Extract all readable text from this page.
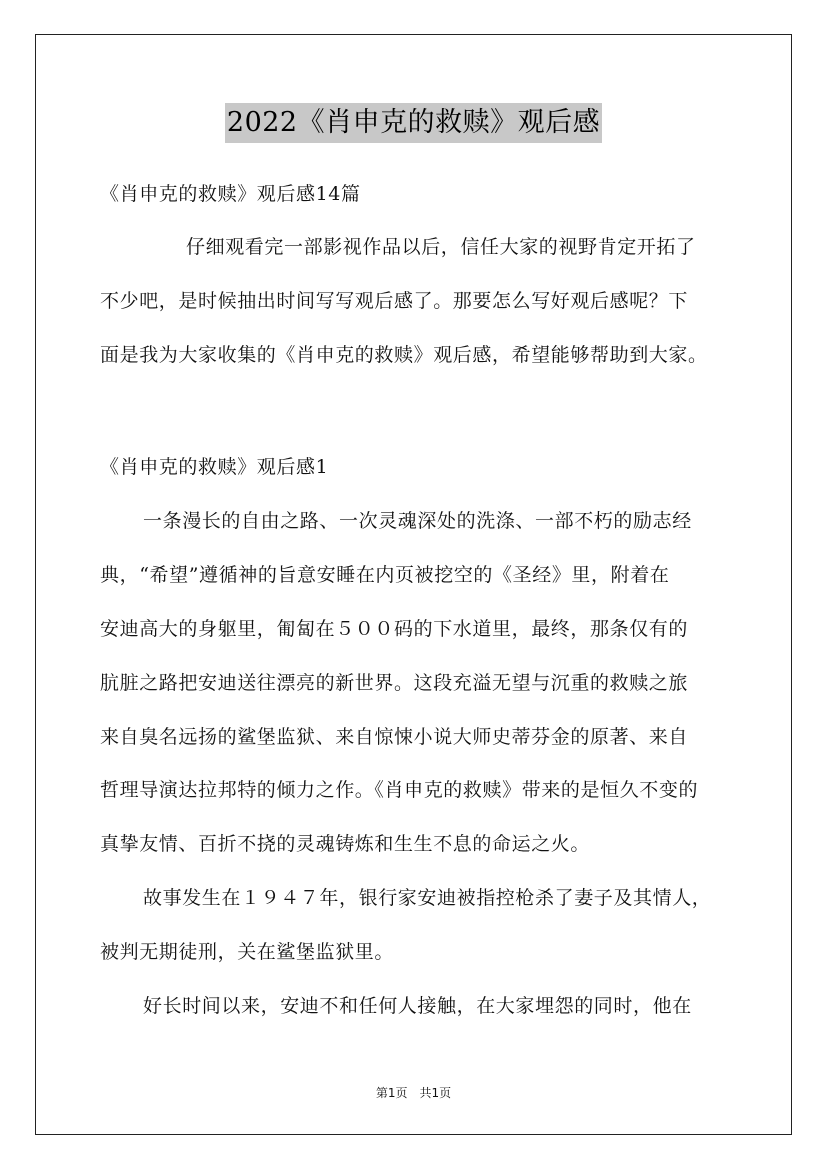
2022《肖申克的救赎》观后感
《肖申克的救赎》观后感14篇
仔细观看完一部影视作品以后，信任大家的视野肯定开拓了
不少吧，是时候抽出时间写写观后感了。那要怎么写好观后感呢？下
面是我为大家收集的《肖申克的救赎》观后感，希望能够帮助到大家。
《肖申克的救赎》观后感1
一条漫长的自由之路、一次灵魂深处的洗涤、一部不朽的励志经
典，“希望”遵循神的旨意安睡在内页被挖空的《圣经》里，附着在
安迪高大的身躯里，匍匐在５００码的下水道里，最终，那条仅有的
肮脏之路把安迪送往漂亮的新世界。这段充溢无望与沉重的救赎之旅
来自臭名远扬的鲨堡监狱、来自惊悚小说大师史蒂芬金的原著、来自
哲理导演达拉邦特的倾力之作。《肖申克的救赎》带来的是恒久不变的
真挚友情、百折不挠的灵魂铸炼和生生不息的命运之火。
故事发生在１９４７年，银行家安迪被指控枪杀了妻子及其情人，
被判无期徒刑，关在鲨堡监狱里。
好长时间以来，安迪不和任何人接触，在大家埋怨的同时，他在
第1页　共1页
